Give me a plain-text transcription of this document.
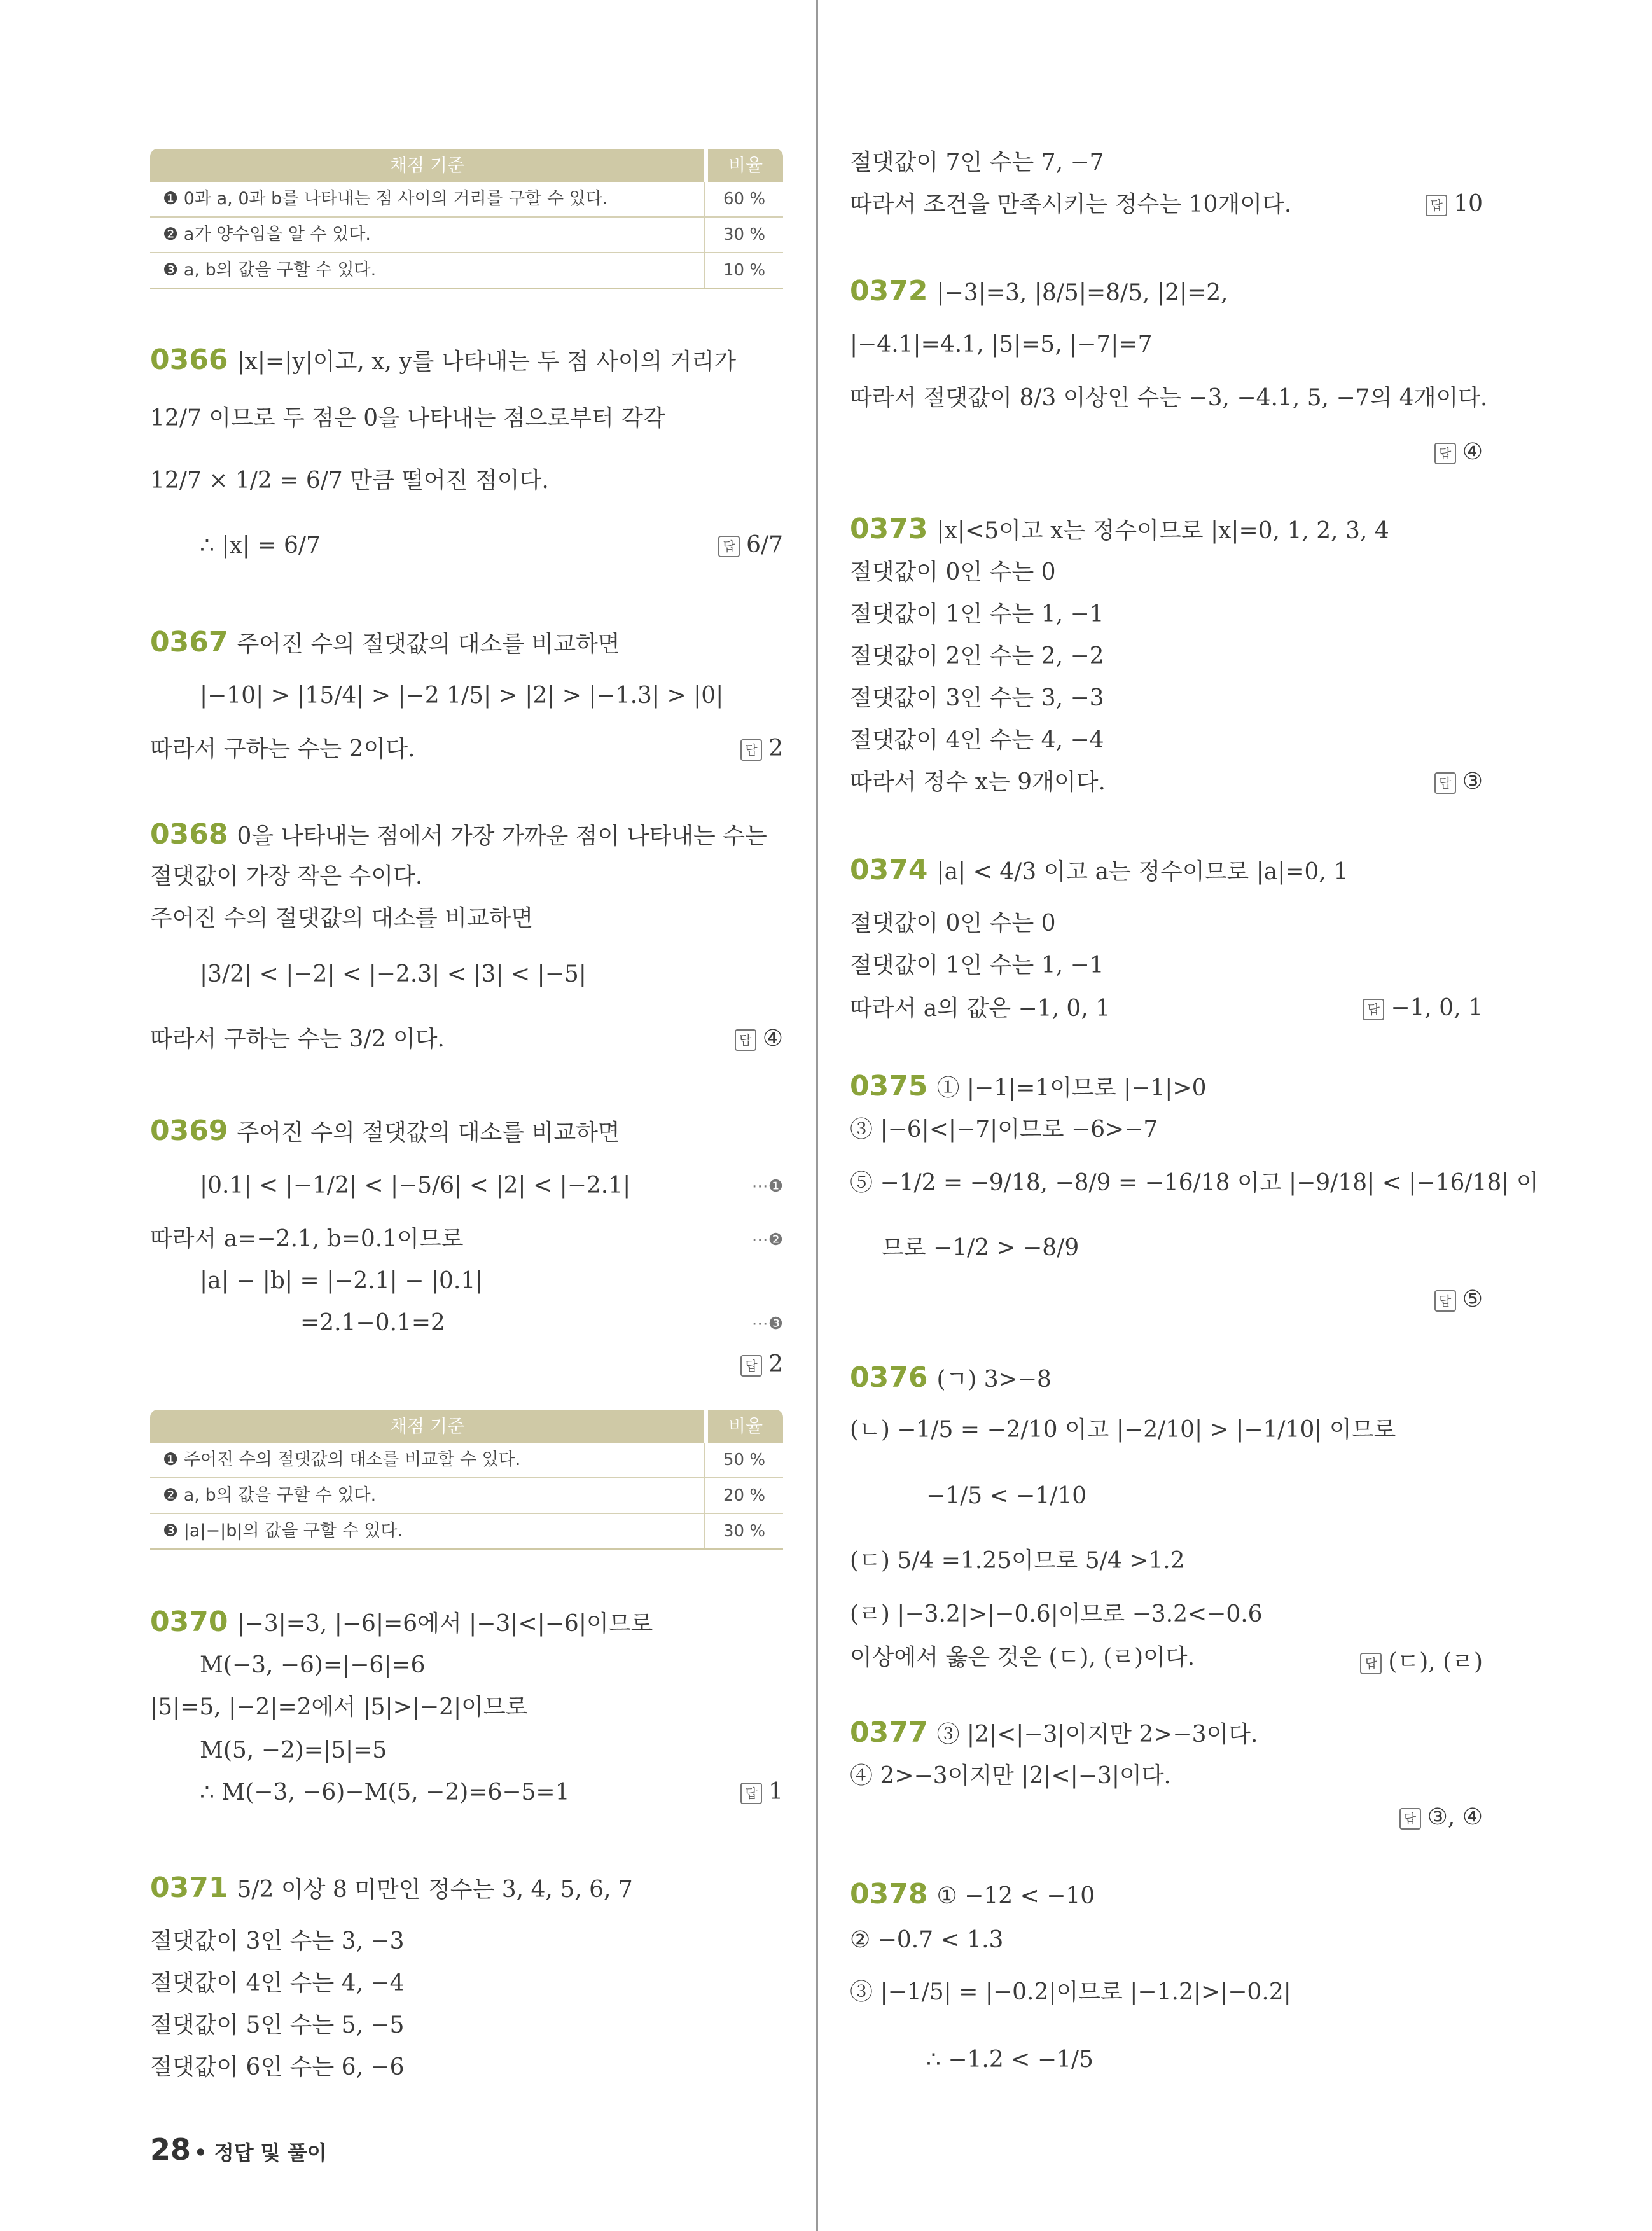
채점 기준	비율
❶ 0과 a, 0과 b를 나타내는 점 사이의 거리를 구할 수 있다.	60 %
❷ a가 양수임을 알 수 있다.	30 %
❸ a, b의 값을 구할 수 있다.	10 %
0366 |x|=|y|이고, x, y를 나타내는 두 점 사이의 거리가
12/7 이므로 두 점은 0을 나타내는 점으로부터 각각
12/7 × 1/2 = 6/7 만큼 떨어진 점이다.
∴ |x| = 6/7	답 6/7
0367 주어진 수의 절댓값의 대소를 비교하면
|−10| > |15/4| > |−2 1/5| > |2| > |−1.3| > |0|
따라서 구하는 수는 2이다.	답 2
0368 0을 나타내는 점에서 가장 가까운 점이 나타내는 수는
절댓값이 가장 작은 수이다.
주어진 수의 절댓값의 대소를 비교하면
|3/2| < |−2| < |−2.3| < |3| < |−5|
따라서 구하는 수는 3/2 이다.	답 ④
0369 주어진 수의 절댓값의 대소를 비교하면
|0.1| < |−1/2| < |−5/6| < |2| < |−2.1|	⋯❶
따라서 a=−2.1, b=0.1이므로	⋯❷
|a| − |b| = |−2.1| − |0.1|
=2.1−0.1=2	⋯❸
답 2
채점 기준	비율
❶ 주어진 수의 절댓값의 대소를 비교할 수 있다.	50 %
❷ a, b의 값을 구할 수 있다.	20 %
❸ |a|−|b|의 값을 구할 수 있다.	30 %
0370 |−3|=3, |−6|=6에서 |−3|<|−6|이므로
M(−3, −6)=|−6|=6
|5|=5, |−2|=2에서 |5|>|−2|이므로
M(5, −2)=|5|=5
∴ M(−3, −6)−M(5, −2)=6−5=1	답 1
0371 5/2 이상 8 미만인 정수는 3, 4, 5, 6, 7
절댓값이 3인 수는 3, −3
절댓값이 4인 수는 4, −4
절댓값이 5인 수는 5, −5
절댓값이 6인 수는 6, −6
절댓값이 7인 수는 7, −7
따라서 조건을 만족시키는 정수는 10개이다.	답 10
0372 |−3|=3, |8/5|=8/5, |2|=2,
|−4.1|=4.1, |5|=5, |−7|=7
따라서 절댓값이 8/3 이상인 수는 −3, −4.1, 5, −7의 4개이다.
답 ④
0373 |x|<5이고 x는 정수이므로 |x|=0, 1, 2, 3, 4
절댓값이 0인 수는 0
절댓값이 1인 수는 1, −1
절댓값이 2인 수는 2, −2
절댓값이 3인 수는 3, −3
절댓값이 4인 수는 4, −4
따라서 정수 x는 9개이다.	답 ③
0374 |a| < 4/3 이고 a는 정수이므로 |a|=0, 1
절댓값이 0인 수는 0
절댓값이 1인 수는 1, −1
따라서 a의 값은 −1, 0, 1	답 −1, 0, 1
0375 ① |−1|=1이므로 |−1|>0
③ |−6|<|−7|이므로 −6>−7
⑤ −1/2 = −9/18, −8/9 = −16/18 이고 |−9/18| < |−16/18| 이
므로 −1/2 > −8/9
답 ⑤
0376 (ㄱ) 3>−8
(ㄴ) −1/5 = −2/10 이고 |−2/10| > |−1/10| 이므로
−1/5 < −1/10
(ㄷ) 5/4 =1.25이므로 5/4 >1.2
(ㄹ) |−3.2|>|−0.6|이므로 −3.2<−0.6
이상에서 옳은 것은 (ㄷ), (ㄹ)이다.	답 (ㄷ), (ㄹ)
0377 ③ |2|<|−3|이지만 2>−3이다.
④ 2>−3이지만 |2|<|−3|이다.
답 ③, ④
0378 ① −12 < −10
② −0.7 < 1.3
③ |−1/5| = |−0.2|이므로 |−1.2|>|−0.2|
∴ −1.2 < −1/5
28 • 정답 및 풀이
